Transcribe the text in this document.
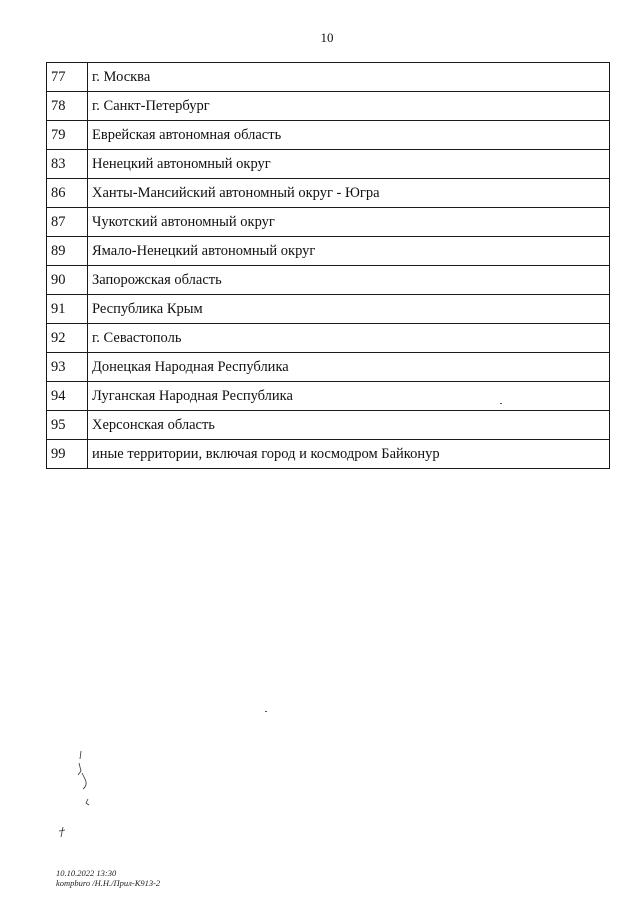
10
77	г. Москва
78	г. Санкт-Петербург
79	Еврейская автономная область
83	Ненецкий автономный округ
86	Ханты-Мансийский автономный округ - Югра
87	Чукотский автономный округ
89	Ямало-Ненецкий автономный округ
90	Запорожская область
91	Республика Крым
92	г. Севастополь
93	Донецкая Народная Республика
94	Луганская Народная Республика
95	Херсонская область
99	иные территории, включая город и космодром Байконур
10.10.2022 13:30
kompburo /Н.Н./Прил-К913-2
